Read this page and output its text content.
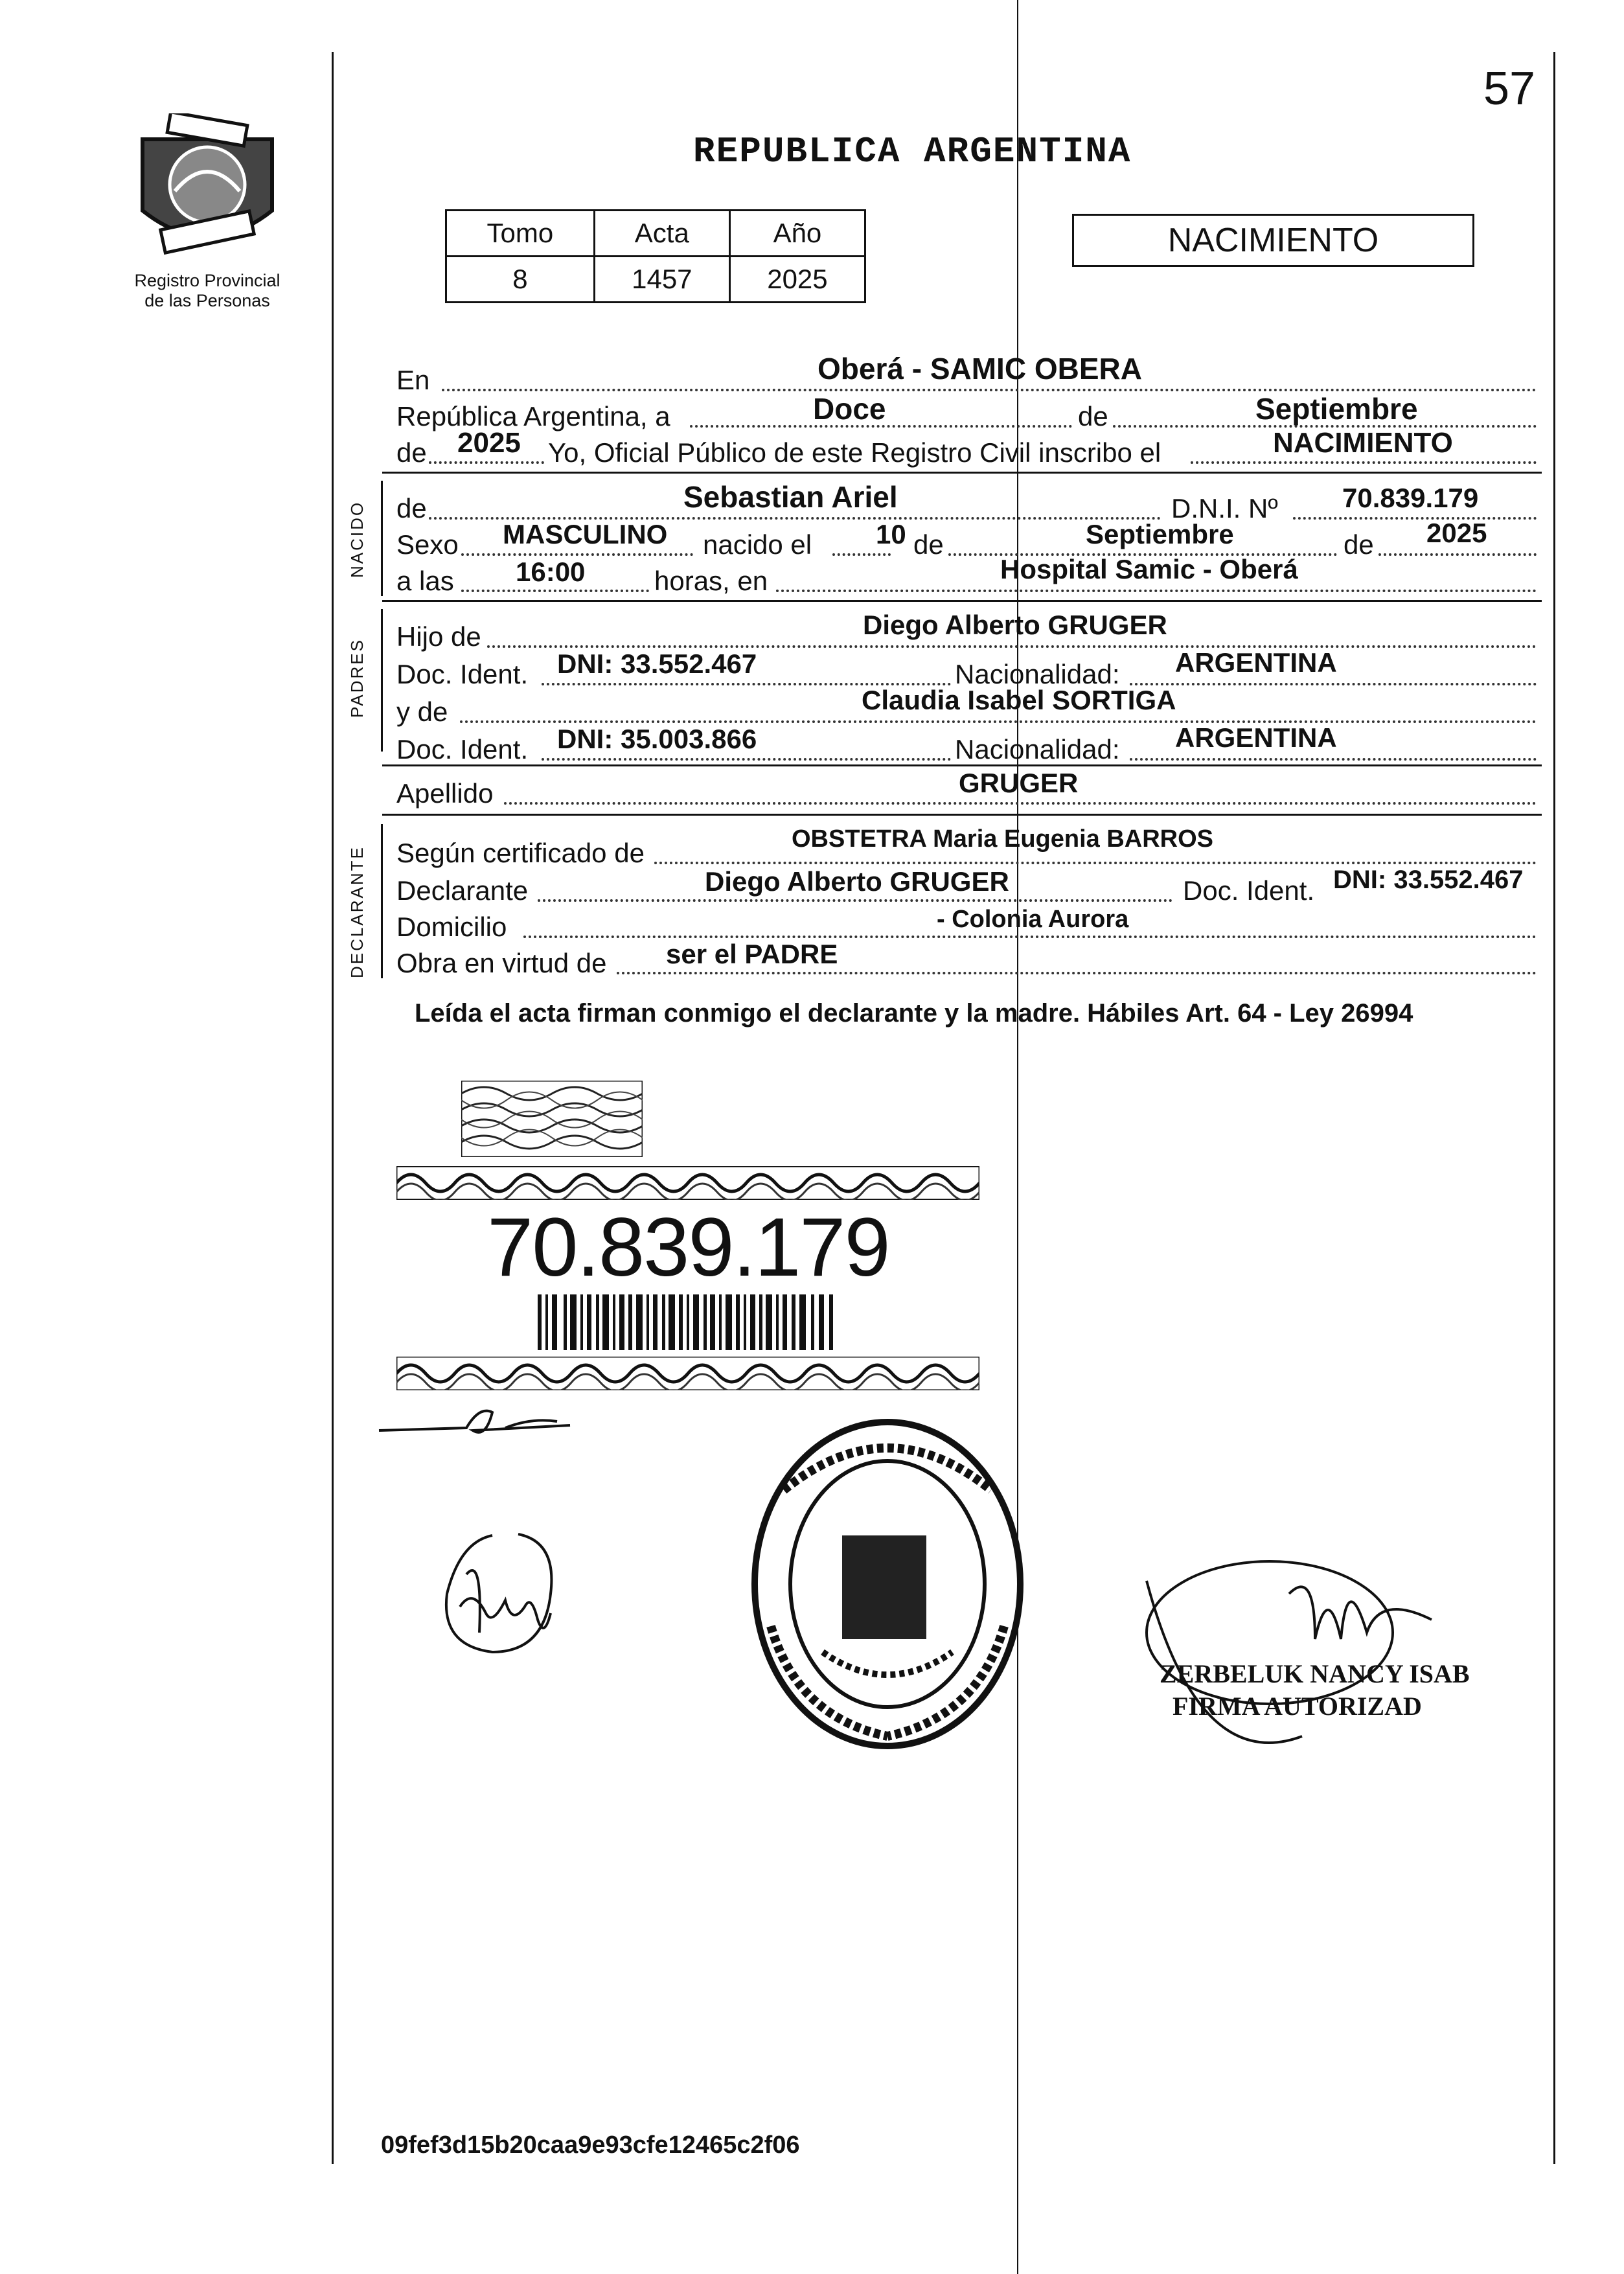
57
Registro Provincial
de las Personas
REPUBLICA ARGENTINA
Tomo	Acta	Año
8	1457	2025
NACIMIENTO
En	Oberá - SAMIC OBERA
República Argentina, a	Doce	de	Septiembre
de 2025 Yo, Oficial Público de este Registro Civil inscribo el	NACIMIENTO
NACIDO de	Sebastian Ariel	D.N.I. Nº 70.839.179
Sexo MASCULINO nacido el 10 de	Septiembre	de 2025
a las 16:00	horas, en	Hospital Samic - Oberá
PADRES
Hijo de	Diego Alberto GRUGER
Doc. Ident. DNI: 33.552.467	Nacionalidad: ARGENTINA
y de	Claudia Isabel SORTIGA
Doc. Ident. DNI: 35.003.866	Nacionalidad: ARGENTINA
Apellido	GRUGER
DECLARANTE Según certificado de	OBSTETRA Maria Eugenia BARROS
Declarante	Diego Alberto GRUGER	Doc. Ident. DNI: 33.552.467
Domicilio	- Colonia Aurora
Obra en virtud de ser el PADRE
Leída el acta firman conmigo el declarante y la madre. Hábiles Art. 64 - Ley 26994
70.839.179
ZERBELUK NANCY ISAB
FIRMA AUTORIZAD
09fef3d15b20caa9e93cfe12465c2f06
